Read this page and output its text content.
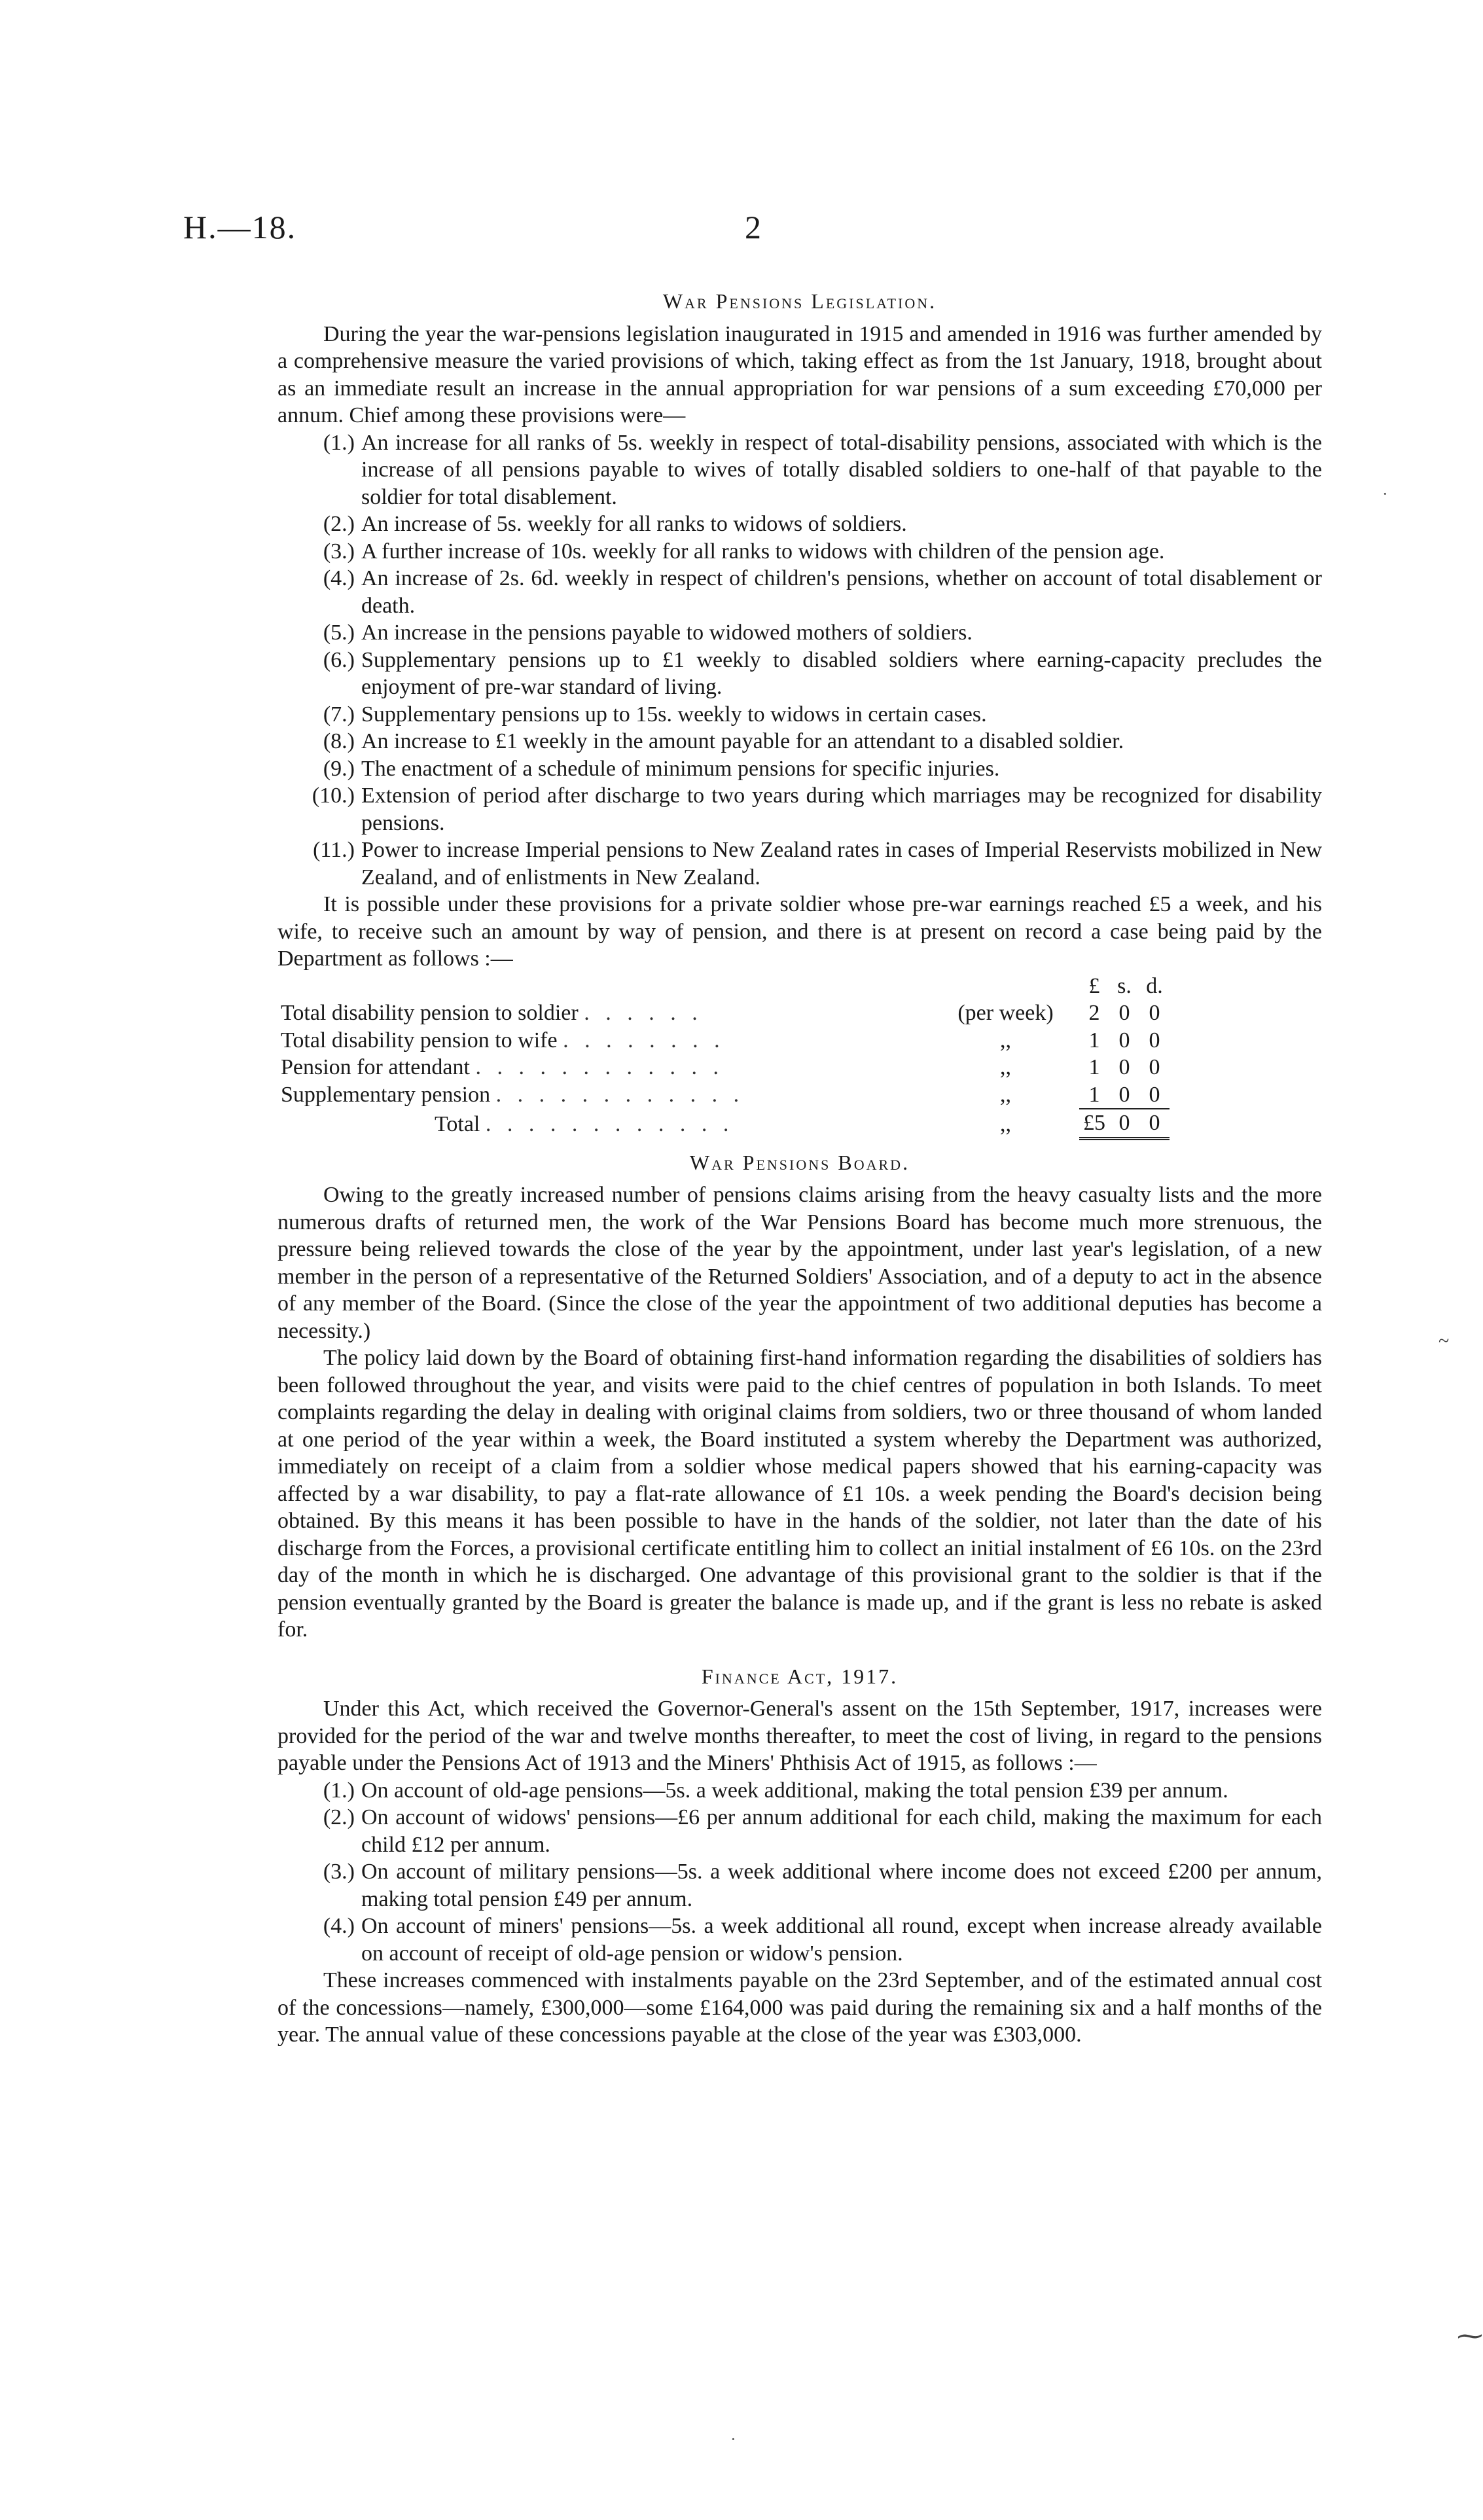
H.—18.	2
·
~
⁓
·
War Pensions Legislation.

During the year the war-pensions legislation inaugurated in 1915 and amended in 1916 was further amended by a comprehensive measure the varied provisions of which, taking effect as from the 1st January, 1918, brought about as an immediate result an increase in the annual appropriation for war pensions of a sum exceeding £70,000 per annum. Chief among these provisions were—

(1.) An increase for all ranks of 5s. weekly in respect of total-disability pensions, associated with which is the increase of all pensions payable to wives of totally disabled soldiers to one-half of that payable to the soldier for total disablement.
(2.) An increase of 5s. weekly for all ranks to widows of soldiers.
(3.) A further increase of 10s. weekly for all ranks to widows with children of the pension age.
(4.) An increase of 2s. 6d. weekly in respect of children's pensions, whether on account of total disablement or death.
(5.) An increase in the pensions payable to widowed mothers of soldiers.
(6.) Supplementary pensions up to £1 weekly to disabled soldiers where earning-capacity precludes the enjoyment of pre-war standard of living.
(7.) Supplementary pensions up to 15s. weekly to widows in certain cases.
(8.) An increase to £1 weekly in the amount payable for an attendant to a disabled soldier.
(9.) The enactment of a schedule of minimum pensions for specific injuries.
(10.) Extension of period after discharge to two years during which marriages may be recognized for disability pensions.
(11.) Power to increase Imperial pensions to New Zealand rates in cases of Imperial Reservists mobilized in New Zealand, and of enlistments in New Zealand.

It is possible under these provisions for a private soldier whose pre-war earnings reached £5 a week, and his wife, to receive such an amount by way of pension, and there is at present on record a case being paid by the Department as follows :—

			£	s.	d.
Total disability pension to soldier . . . . . .		(per week)	2	0	0
Total disability pension to wife . . . . . . . .		,,	1	0	0
Pension for attendant . . . . . . . . . . . .		,,	1	0	0
Supplementary pension . . . . . . . . . . . .		,,	1	0	0
Total . . . . . . . . . . . .		,,	£5	0	0
War Pensions Board.

Owing to the greatly increased number of pensions claims arising from the heavy casualty lists and the more numerous drafts of returned men, the work of the War Pensions Board has become much more strenuous, the pressure being relieved towards the close of the year by the appointment, under last year's legislation, of a new member in the person of a representative of the Returned Soldiers' Association, and of a deputy to act in the absence of any member of the Board. (Since the close of the year the appointment of two additional deputies has become a necessity.)

The policy laid down by the Board of obtaining first-hand information regarding the disabilities of soldiers has been followed throughout the year, and visits were paid to the chief centres of population in both Islands. To meet complaints regarding the delay in dealing with original claims from soldiers, two or three thousand of whom landed at one period of the year within a week, the Board instituted a system whereby the Department was authorized, immediately on receipt of a claim from a soldier whose medical papers showed that his earning-capacity was affected by a war disability, to pay a flat-rate allowance of £1 10s. a week pending the Board's decision being obtained. By this means it has been possible to have in the hands of the soldier, not later than the date of his discharge from the Forces, a provisional certificate entitling him to collect an initial instalment of £6 10s. on the 23rd day of the month in which he is discharged. One advantage of this provisional grant to the soldier is that if the pension eventually granted by the Board is greater the balance is made up, and if the grant is less no rebate is asked for.

Finance Act, 1917.

Under this Act, which received the Governor-General's assent on the 15th September, 1917, increases were provided for the period of the war and twelve months thereafter, to meet the cost of living, in regard to the pensions payable under the Pensions Act of 1913 and the Miners' Phthisis Act of 1915, as follows :—

(1.) On account of old-age pensions—5s. a week additional, making the total pension £39 per annum.
(2.) On account of widows' pensions—£6 per annum additional for each child, making the maximum for each child £12 per annum.
(3.) On account of military pensions—5s. a week additional where income does not exceed £200 per annum, making total pension £49 per annum.
(4.) On account of miners' pensions—5s. a week additional all round, except when increase already available on account of receipt of old-age pension or widow's pension.

These increases commenced with instalments payable on the 23rd September, and of the estimated annual cost of the concessions—namely, £300,000—some £164,000 was paid during the remaining six and a half months of the year. The annual value of these concessions payable at the close of the year was £303,000.
